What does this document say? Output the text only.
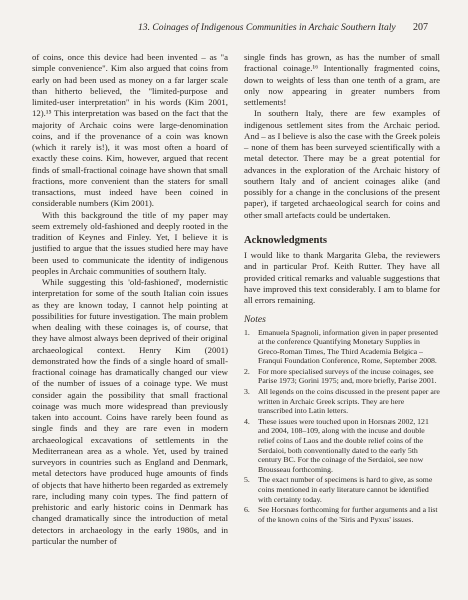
13. Coinages of Indigenous Communities in Archaic Southern Italy 207

of coins, once this device had been invented – as "a simple convenience". Kim also argued that coins from early on had been used as money on a far larger scale than hitherto believed, the "limited-purpose and limited-user interpretation" in his words (Kim 2001, 12).¹⁵ This interpretation was based on the fact that the majority of Archaic coins were large-denomination coins, and if the provenance of a coin was known (which it rarely is!), it was most often a hoard of exactly these coins. Kim, however, argued that recent finds of small-fractional coinage have shown that small fractions, more convenient than the staters for small transactions, must indeed have been coined in considerable numbers (Kim 2001).

With this background the title of my paper may seem extremely old-fashioned and deeply rooted in the tradition of Keynes and Finley. Yet, I believe it is justified to argue that the issues studied here may have been used to communicate the identity of indigenous peoples in Archaic communities of southern Italy.

While suggesting this 'old-fashioned', modernistic interpretation for some of the south Italian coin issues as they are known today, I cannot help pointing at possibilities for future investigation. The main problem when dealing with these coinages is, of course, that they have almost always been deprived of their original archaeological context. Henry Kim (2001) demonstrated how the finds of a single hoard of small-fractional coinage has dramatically changed our view of the number of issues of a coinage type. We must consider again the possibility that small fractional coinage was much more widespread than previously taken into account. Coins have rarely been found as single finds and they are rare even in modern archaeological excavations of settlements in the Mediterranean area as a whole. Yet, used by trained surveyors in countries such as England and Denmark, metal detectors have produced huge amounts of finds of objects that have hitherto been regarded as extremely rare, including many coin types. The find pattern of prehistoric and early historic coins in Denmark has changed dramatically since the introduction of metal detectors in archaeology in the early 1980s, and in particular the number of

single finds has grown, as has the number of small fractional coinage.¹⁶ Intentionally fragmented coins, down to weights of less than one tenth of a gram, are only now appearing in greater numbers from settlements!

In southern Italy, there are few examples of indigenous settlement sites from the Archaic period. And – as I believe is also the case with the Greek poleis – none of them has been surveyed scientifically with a metal detector. There may be a great potential for advances in the exploration of the Archaic history of southern Italy and of ancient coinages alike (and possibly for a change in the conclusions of the present paper), if targeted archaeological search for coins and other small artefacts could be undertaken.

Acknowledgments

I would like to thank Margarita Gleba, the reviewers and in particular Prof. Keith Rutter. They have all provided critical remarks and valuable suggestions that have improved this text considerably. I am to blame for all errors remaining.

Notes
1.	Emanuela Spagnoli, information given in paper presented at the conference Quantifying Monetary Supplies in Greco-Roman Times, The Third Academia Belgica – Franqui Foundation Conference, Rome, September 2008.
2.	For more specialised surveys of the incuse coinages, see Parise 1973; Gorini 1975; and, more briefly, Parise 2001.
3.	All legends on the coins discussed in the present paper are written in Archaic Greek scripts. They are here transcribed into Latin letters.
4.	These issues were touched upon in Horsnæs 2002, 121 and 2004, 108–109, along with the incuse and double relief coins of Laos and the double relief coins of the Serdaioi, both conventionally dated to the early 5th century BC. For the coinage of the Serdaioi, see now Brousseau forthcoming.
5.	The exact number of specimens is hard to give, as some coins mentioned in early literature cannot be identified with certainty today.
6.	See Horsnæs forthcoming for further arguments and a list of the known coins of the 'Siris and Pyxus' issues.
